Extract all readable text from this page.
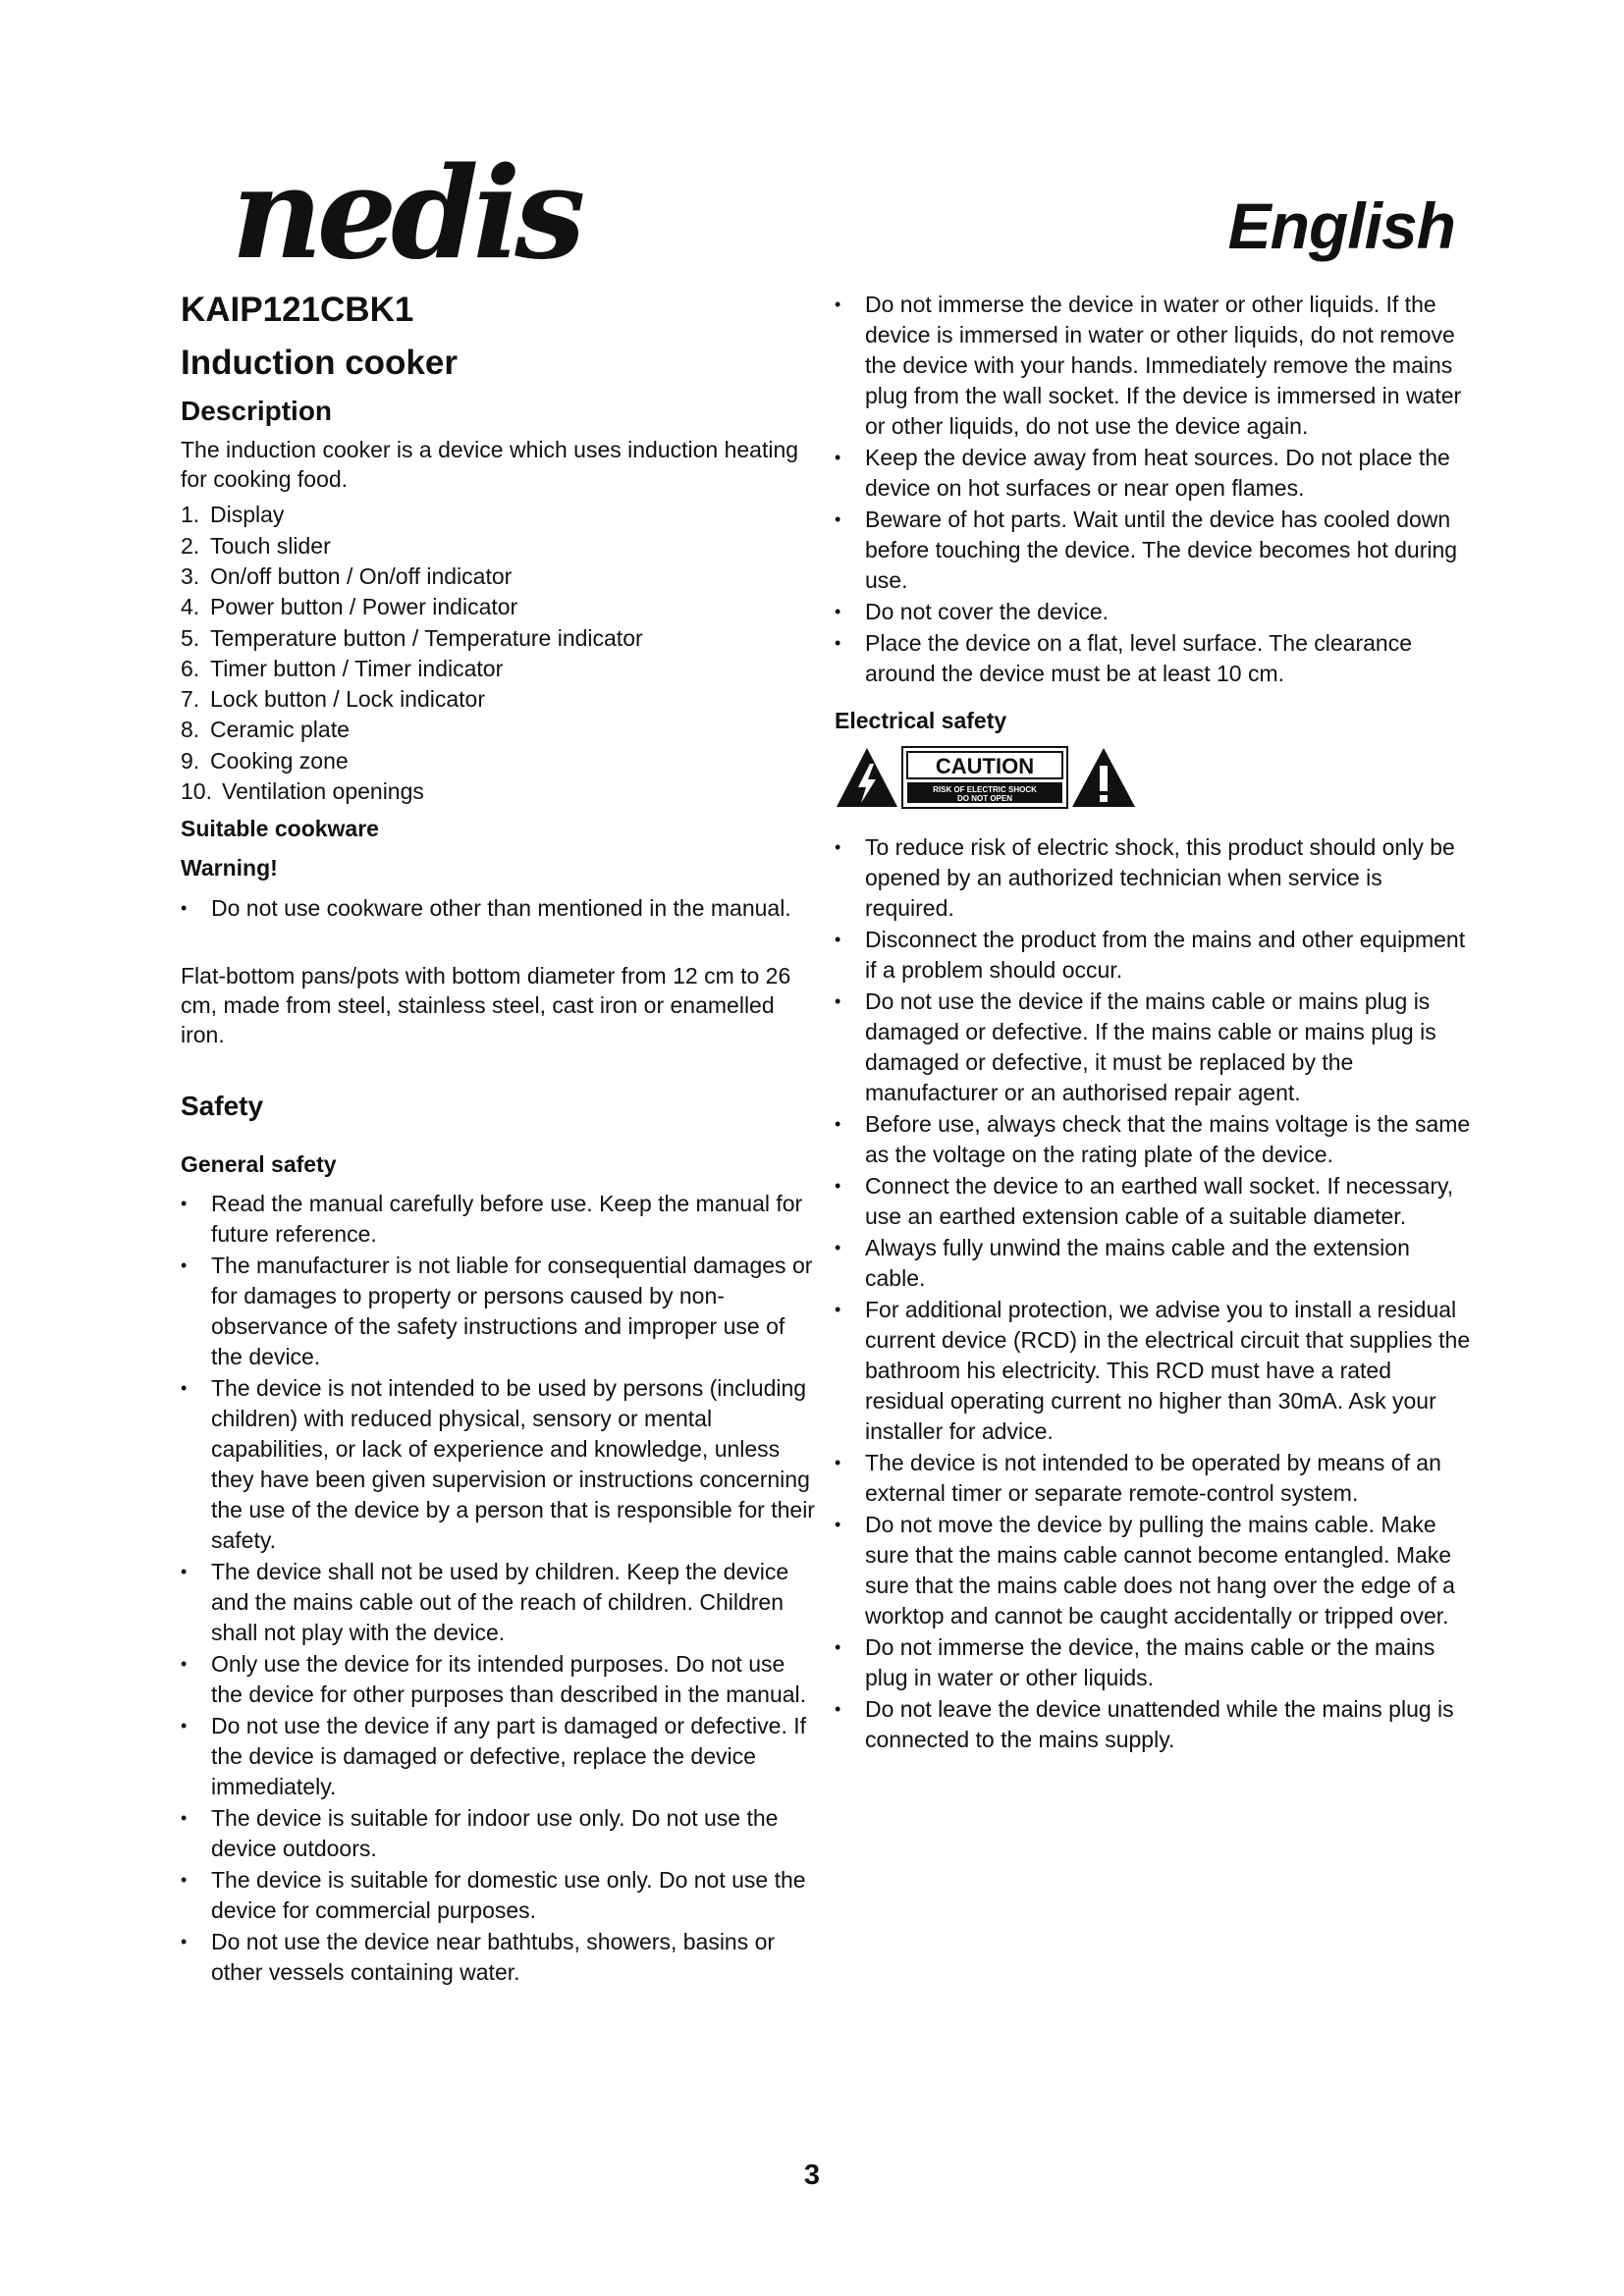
nedis	English
KAIP121CBK1
Induction cooker
Description

The induction cooker is a device which uses induction heating for cooking food.

1. Display
2. Touch slider
3. On/off button / On/off indicator
4. Power button / Power indicator
5. Temperature button / Temperature indicator
6. Timer button / Timer indicator
7. Lock button / Lock indicator
8. Ceramic plate
9. Cooking zone
10. Ventilation openings
Suitable cookware
Warning!
• Do not use cookware other than mentioned in the manual.

Flat-bottom pans/pots with bottom diameter from 12 cm to 26 cm, made from steel, stainless steel, cast iron or enamelled iron.

Safety
General safety
• Read the manual carefully before use. Keep the manual for future reference.
• The manufacturer is not liable for consequential damages or for damages to property or persons caused by non-observance of the safety instructions and improper use of the device.
• The device is not intended to be used by persons (including children) with reduced physical, sensory or mental capabilities, or lack of experience and knowledge, unless they have been given supervision or instructions concerning the use of the device by a person that is responsible for their safety.
• The device shall not be used by children. Keep the device and the mains cable out of the reach of children. Children shall not play with the device.
• Only use the device for its intended purposes. Do not use the device for other purposes than described in the manual.
• Do not use the device if any part is damaged or defective. If the device is damaged or defective, replace the device immediately.
• The device is suitable for indoor use only. Do not use the device outdoors.
• The device is suitable for domestic use only. Do not use the device for commercial purposes.
• Do not use the device near bathtubs, showers, basins or other vessels containing water.
• Do not immerse the device in water or other liquids. If the device is immersed in water or other liquids, do not remove the device with your hands. Immediately remove the mains plug from the wall socket. If the device is immersed in water or other liquids, do not use the device again.
• Keep the device away from heat sources. Do not place the device on hot surfaces or near open flames.
• Beware of hot parts. Wait until the device has cooled down before touching the device. The device becomes hot during use.
• Do not cover the device.
• Place the device on a flat, level surface. The clearance around the device must be at least 10 cm.
Electrical safety
CAUTION
RISK OF ELECTRIC SHOCK
DO NOT OPEN
• To reduce risk of electric shock, this product should only be opened by an authorized technician when service is required.
• Disconnect the product from the mains and other equipment if a problem should occur.
• Do not use the device if the mains cable or mains plug is damaged or defective. If the mains cable or mains plug is damaged or defective, it must be replaced by the manufacturer or an authorised repair agent.
• Before use, always check that the mains voltage is the same as the voltage on the rating plate of the device.
• Connect the device to an earthed wall socket. If necessary, use an earthed extension cable of a suitable diameter.
• Always fully unwind the mains cable and the extension cable.
• For additional protection, we advise you to install a residual current device (RCD) in the electrical circuit that supplies the bathroom his electricity. This RCD must have a rated residual operating current no higher than 30mA. Ask your installer for advice.
• The device is not intended to be operated by means of an external timer or separate remote-control system.
• Do not move the device by pulling the mains cable. Make sure that the mains cable cannot become entangled. Make sure that the mains cable does not hang over the edge of a worktop and cannot be caught accidentally or tripped over.
• Do not immerse the device, the mains cable or the mains plug in water or other liquids.
• Do not leave the device unattended while the mains plug is connected to the mains supply.
3
